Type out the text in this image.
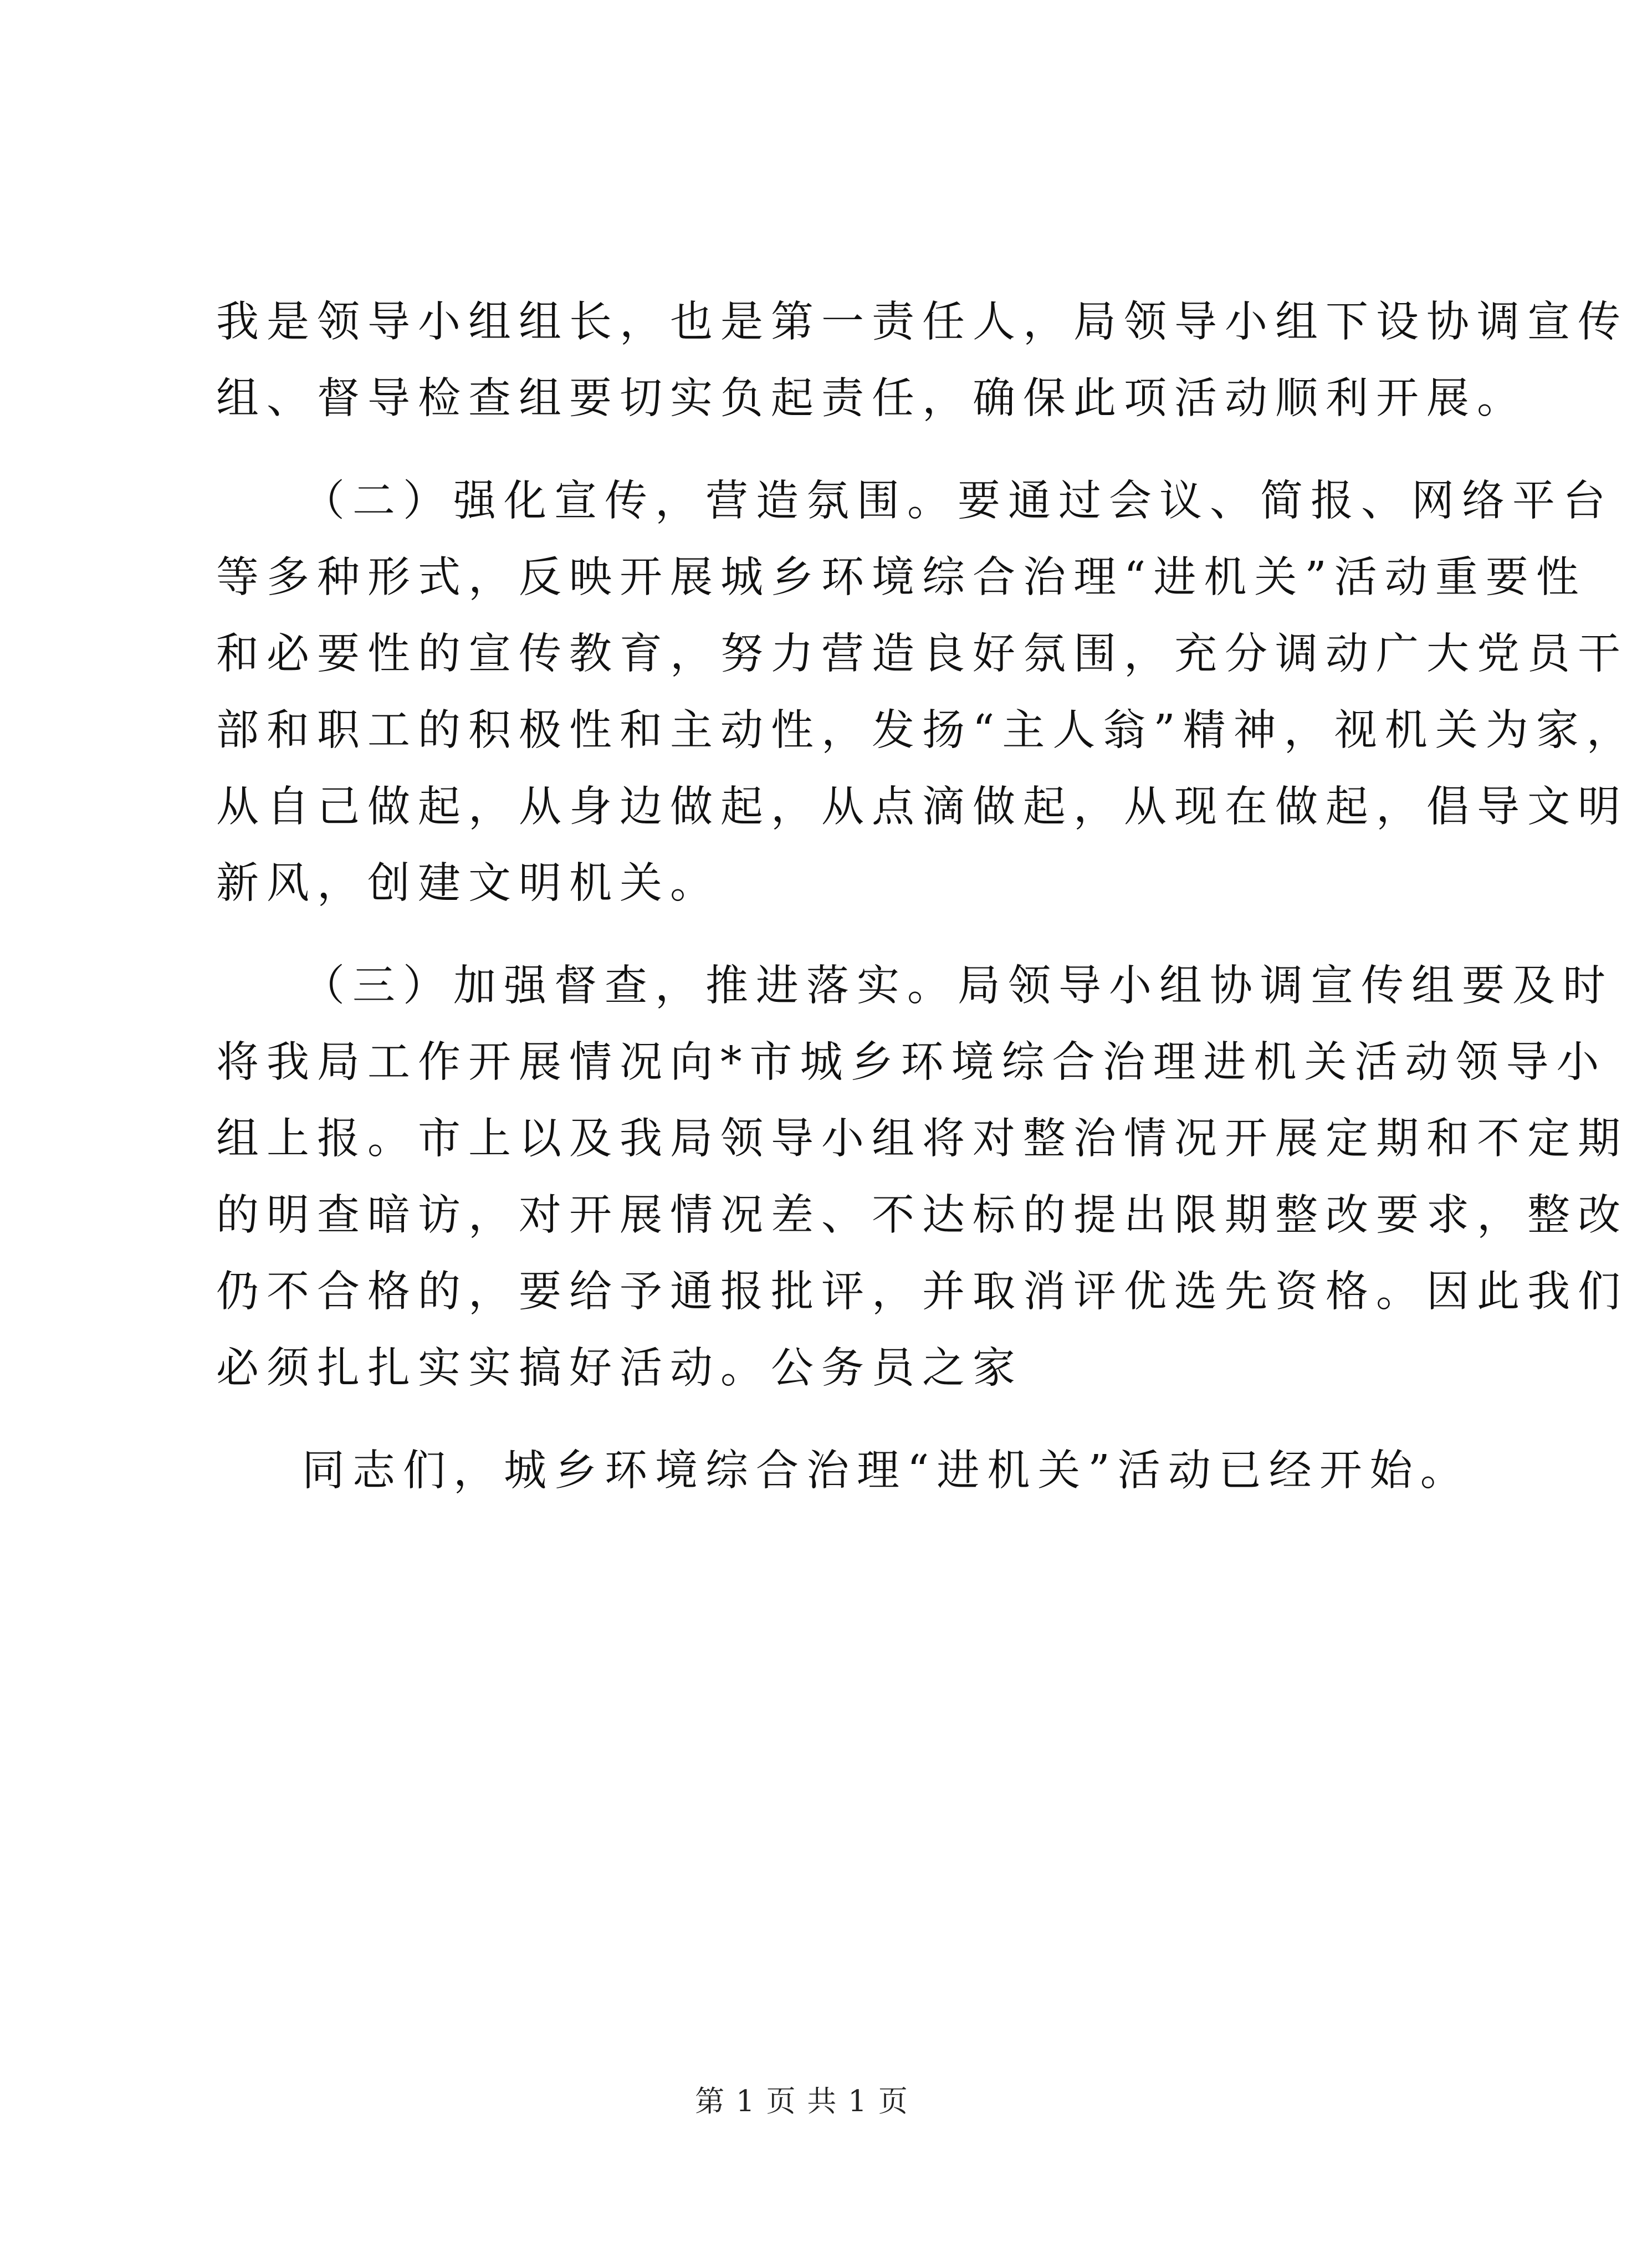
我是领导小组组长，也是第一责任人，局领导小组下设协调宣传

组、督导检查组要切实负起责任，确保此项活动顺利开展。

（二）强化宣传，营造氛围。要通过会议、简报、网络平台

等多种形式，反映开展城乡环境综合治理“进机关”活动重要性

和必要性的宣传教育，努力营造良好氛围，充分调动广大党员干

部和职工的积极性和主动性，发扬“主人翁”精神，视机关为家，

从自己做起，从身边做起，从点滴做起，从现在做起，倡导文明

新风，创建文明机关。

（三）加强督查，推进落实。局领导小组协调宣传组要及时

将我局工作开展情况向*市城乡环境综合治理进机关活动领导小

组上报。市上以及我局领导小组将对整治情况开展定期和不定期

的明查暗访，对开展情况差、不达标的提出限期整改要求，整改

仍不合格的，要给予通报批评，并取消评优选先资格。因此我们

必须扎扎实实搞好活动。公务员之家

同志们，城乡环境综合治理“进机关”活动已经开始。

第 1 页 共 1 页
